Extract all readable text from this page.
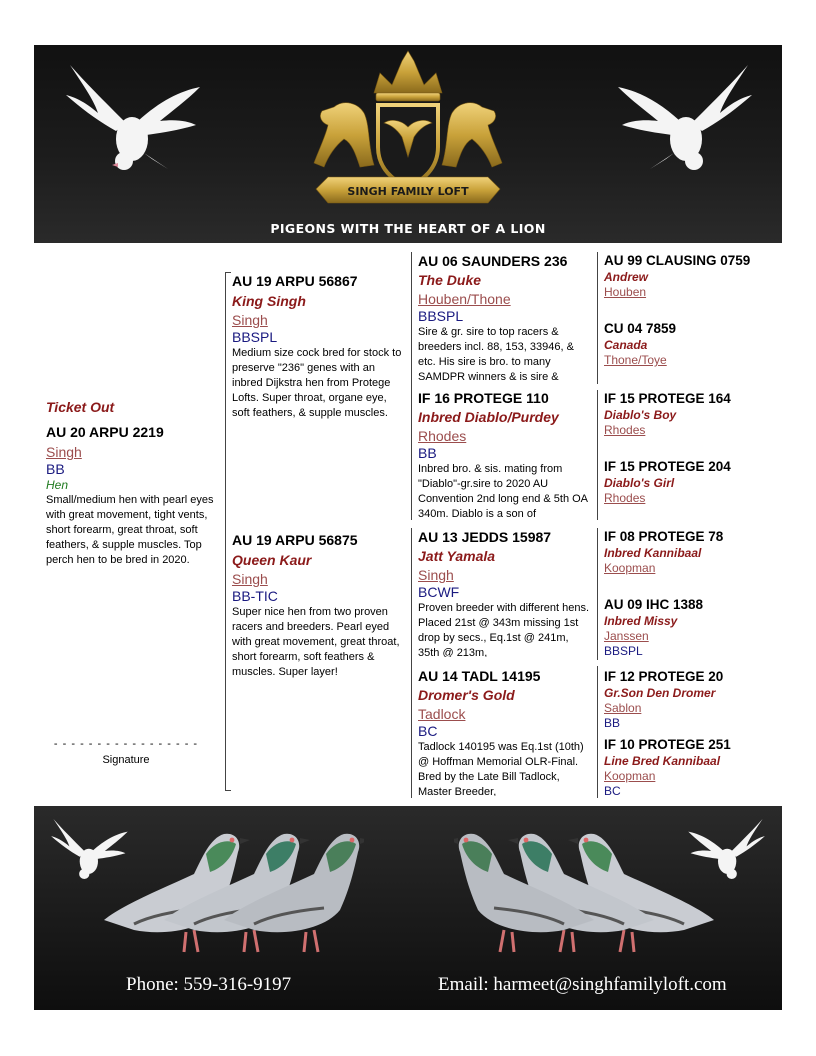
SINGH FAMILY LOFT
PIGEONS WITH THE HEART OF A LION
Ticket Out
AU 20 ARPU 2219
Singh
BB
Hen
Small/medium hen with pearl eyes with great movement, tight vents, short forearm, great throat, soft feathers, & supple muscles. Top perch hen to be bred in 2020.
- - - - - - - - - - - - - - - - -
Signature
AU 19 ARPU 56867
King Singh
Singh
BBSPL
Medium size cock bred for stock to preserve "236" genes with an inbred Dijkstra hen from Protege Lofts. Super throat, organe eye, soft feathers, & supple muscles.
AU 19 ARPU 56875
Queen Kaur
Singh
BB-TIC
Super nice hen from two proven racers and breeders. Pearl eyed with great movement, great throat, short forearm, soft feathers & muscles. Super layer!
AU 06 SAUNDERS 236
The Duke
Houben/Thone
BBSPL
Sire & gr. sire to top racers & breeders incl. 88, 153, 33946, & etc. His sire is bro. to many SAMDPR winners & is sire &
IF 16 PROTEGE 110
Inbred Diablo/Purdey
Rhodes
BB
Inbred bro. & sis. mating from "Diablo"-gr.sire to 2020 AU Convention 2nd long end & 5th OA 340m. Diablo is a son of
AU 13 JEDDS 15987
Jatt Yamala
Singh
BCWF
Proven breeder with different hens. Placed 21st @ 343m missing 1st drop by secs., Eq.1st @ 241m, 35th @ 213m,
AU 14 TADL 14195
Dromer's Gold
Tadlock
BC
Tadlock 140195 was Eq.1st (10th) @ Hoffman Memorial OLR-Final. Bred by the Late Bill Tadlock, Master Breeder,
AU 99 CLAUSING 0759
Andrew
Houben
CU 04 7859
Canada
Thone/Toye
IF 15 PROTEGE 164
Diablo's Boy
Rhodes
IF 15 PROTEGE 204
Diablo's Girl
Rhodes
IF 08 PROTEGE 78
Inbred Kannibaal
Koopman
AU 09 IHC 1388
Inbred Missy
Janssen
BBSPL
IF 12 PROTEGE 20
Gr.Son Den Dromer
Sablon
BB
IF 10 PROTEGE 251
Line Bred Kannibaal
Koopman
BC
Phone: 559-316-9197	Email: harmeet@singhfamilyloft.com
